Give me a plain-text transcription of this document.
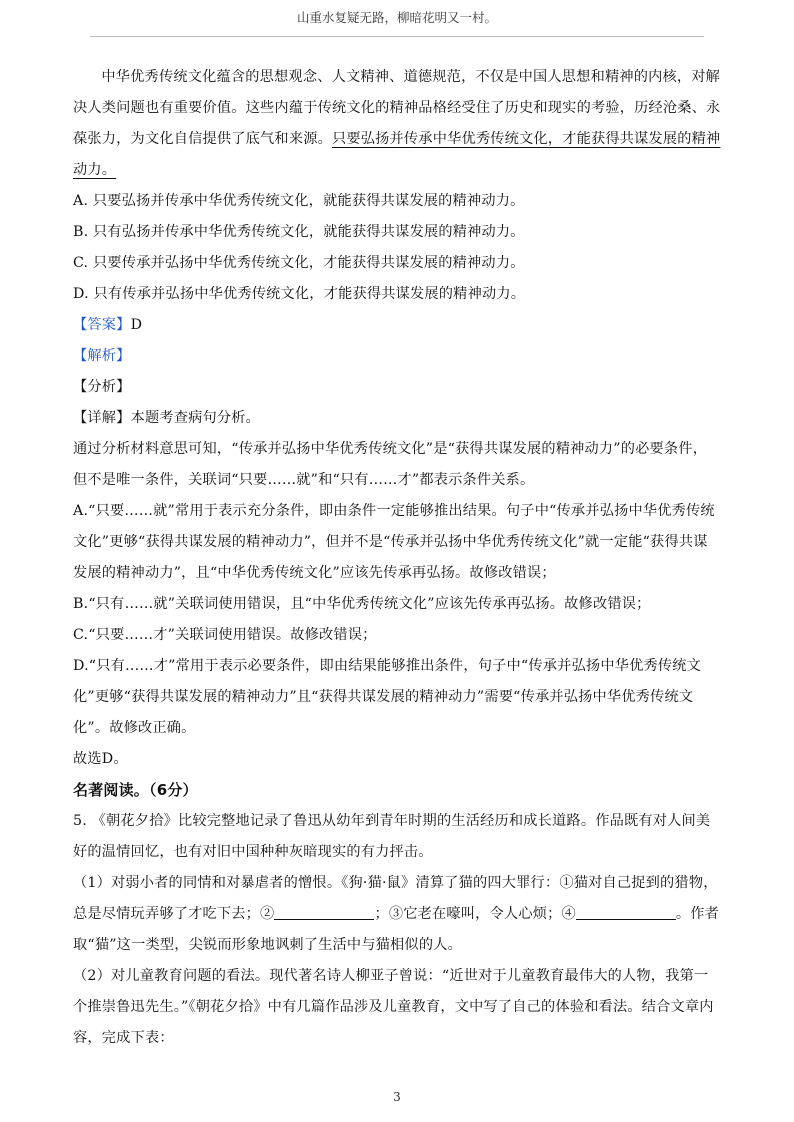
山重水复疑无路，柳暗花明又一村。
中华优秀传统文化蕴含的思想观念、人文精神、道德规范，不仅是中国人思想和精神的内核，对解决人类问题也有重要价值。这些内蕴于传统文化的精神品格经受住了历史和现实的考验，历经沧桑、永葆张力，为文化自信提供了底气和来源。只要弘扬并传承中华优秀传统文化，才能获得共谋发展的精神动力。
A. 只要弘扬并传承中华优秀传统文化，就能获得共谋发展的精神动力。
B. 只有弘扬并传承中华优秀传统文化，就能获得共谋发展的精神动力。
C. 只要传承并弘扬中华优秀传统文化，才能获得共谋发展的精神动力。
D. 只有传承并弘扬中华优秀传统文化，才能获得共谋发展的精神动力。
【答案】D
【解析】
【分析】
【详解】本题考查病句分析。
通过分析材料意思可知，“传承并弘扬中华优秀传统文化”是“获得共谋发展的精神动力”的必要条件，但不是唯一条件，关联词“只要……就”和“只有……才”都表示条件关系。
A.“只要……就”常用于表示充分条件，即由条件一定能够推出结果。句子中“传承并弘扬中华优秀传统文化”更够“获得共谋发展的精神动力”，但并不是“传承并弘扬中华优秀传统文化”就一定能“获得共谋发展的精神动力”，且“中华优秀传统文化”应该先传承再弘扬。故修改错误；
B.“只有……就”关联词使用错误，且“中华优秀传统文化”应该先传承再弘扬。故修改错误；
C.“只要……才”关联词使用错误。故修改错误；
D.“只有……才”常用于表示必要条件，即由结果能够推出条件，句子中“传承并弘扬中华优秀传统文化”更够“获得共谋发展的精神动力”且“获得共谋发展的精神动力”需要“传承并弘扬中华优秀传统文化”。故修改正确。
故选D。
名著阅读。（6分）
5. 《朝花夕拾》比较完整地记录了鲁迅从幼年到青年时期的生活经历和成长道路。作品既有对人间美好的温情回忆，也有对旧中国种种灰暗现实的有力抨击。
（1）对弱小者的同情和对暴虐者的憎恨。《狗·猫·鼠》清算了猫的四大罪行：①猫对自己捉到的猎物，总是尽情玩弄够了才吃下去；②	；③它老在嚎叫，令人心烦；④	。作者取“猫”这一类型，尖锐而形象地讽刺了生活中与猫相似的人。
（2）对儿童教育问题的看法。现代著名诗人柳亚子曾说：“近世对于儿童教育最伟大的人物，我第一个推崇鲁迅先生。”《朝花夕拾》中有几篇作品涉及儿童教育，文中写了自己的体验和看法。结合文章内容，完成下表：
3
